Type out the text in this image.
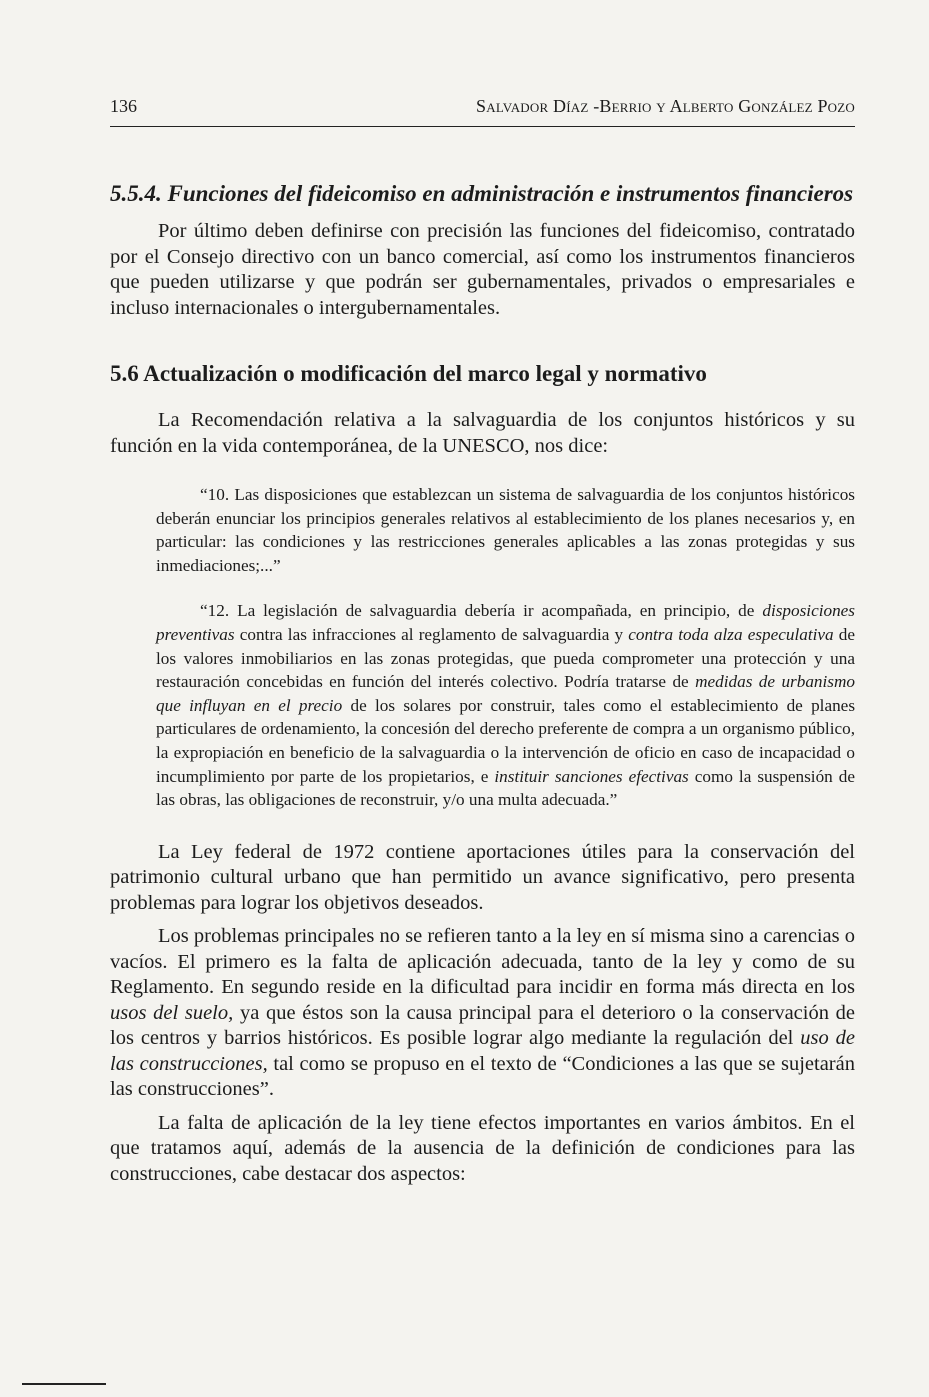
136	Salvador Díaz -Berrio y Alberto González Pozo
5.5.4. Funciones del fideicomiso en administración e instrumentos financieros

Por último deben definirse con precisión las funciones del fideicomiso, contratado por el Consejo directivo con un banco comercial, así como los instrumentos financieros que pueden utilizarse y que podrán ser gubernamentales, privados o empresariales e incluso internacionales o intergubernamentales.

5.6 Actualización o modificación del marco legal y normativo

La Recomendación relativa a la salvaguardia de los conjuntos históricos y su función en la vida contemporánea, de la UNESCO, nos dice:

“10. Las disposiciones que establezcan un sistema de salvaguardia de los conjuntos históricos deberán enunciar los principios generales relativos al establecimiento de los planes necesarios y, en particular: las condiciones y las restricciones generales aplicables a las zonas protegidas y sus inmediaciones;...”

“12. La legislación de salvaguardia debería ir acompañada, en principio, de disposiciones preventivas contra las infracciones al reglamento de salvaguardia y contra toda alza especulativa de los valores inmobiliarios en las zonas protegidas, que pueda comprometer una protección y una restauración concebidas en función del interés colectivo. Podría tratarse de medidas de urbanismo que influyan en el precio de los solares por construir, tales como el establecimiento de planes particulares de ordenamiento, la concesión del derecho preferente de compra a un organismo público, la expropiación en beneficio de la salvaguardia o la intervención de oficio en caso de incapacidad o incumplimiento por parte de los propietarios, e instituir sanciones efectivas como la suspensión de las obras, las obligaciones de reconstruir, y/o una multa adecuada.”

La Ley federal de 1972 contiene aportaciones útiles para la conservación del patrimonio cultural urbano que han permitido un avance significativo, pero presenta problemas para lograr los objetivos deseados.

Los problemas principales no se refieren tanto a la ley en sí misma sino a carencias o vacíos. El primero es la falta de aplicación adecuada, tanto de la ley y como de su Reglamento. En segundo reside en la dificultad para incidir en forma más directa en los usos del suelo, ya que éstos son la causa principal para el deterioro o la conservación de los centros y barrios históricos. Es posible lograr algo mediante la regulación del uso de las construcciones, tal como se propuso en el texto de “Condiciones a las que se sujetarán las construcciones”.

La falta de aplicación de la ley tiene efectos importantes en varios ámbitos. En el que tratamos aquí, además de la ausencia de la definición de condiciones para las construcciones, cabe destacar dos aspectos:
